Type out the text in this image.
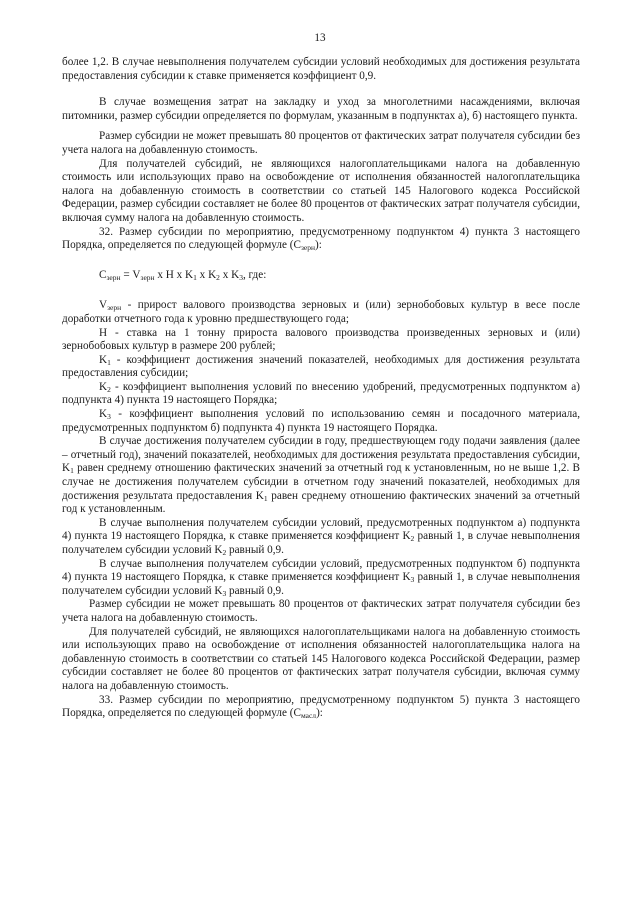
13

более 1,2. В случае невыполнения получателем субсидии условий необходимых для достижения результата предоставления субсидии к ставке применяется коэффициент 0,9.

В случае возмещения затрат на закладку и уход за многолетними насаждениями, включая питомники, размер субсидии определяется по формулам, указанным в подпунктах а), б) настоящего пункта.

Размер субсидии не может превышать 80 процентов от фактических затрат получателя субсидии без учета налога на добавленную стоимость.

Для получателей субсидий, не являющихся налогоплательщиками налога на добавленную стоимость или использующих право на освобождение от исполнения обязанностей налогоплательщика налога на добавленную стоимость в соответствии со статьей 145 Налогового кодекса Российской Федерации, размер субсидии составляет не более 80 процентов от фактических затрат получателя субсидии, включая сумму налога на добавленную стоимость.

32. Размер субсидии по мероприятию, предусмотренному подпунктом 4) пункта 3 настоящего Порядка, определяется по следующей формуле $(C_{зерн})$:

$C_{зерн} = V_{зерн}$ х Н х $K_1$ х $K_2$ х $K_3$, где:

$V_{зерн}$ - прирост валового производства зерновых и (или) зернобобовых культур в весе после доработки отчетного года к уровню предшествующего года;

Н - ставка на 1 тонну прироста валового производства произведенных зерновых и (или) зернобобовых культур в размере 200 рублей;

$K_1$ - коэффициент достижения значений показателей, необходимых для достижения результата предоставления субсидии;

$K_2$ - коэффициент выполнения условий по внесению удобрений, предусмотренных подпунктом а) подпункта 4) пункта 19 настоящего Порядка;

$K_3$ - коэффициент выполнения условий по использованию семян и посадочного материала, предусмотренных подпунктом б) подпункта 4) пункта 19 настоящего Порядка.

В случае достижения получателем субсидии в году, предшествующем году подачи заявления (далее – отчетный год), значений показателей, необходимых для достижения результата предоставления субсидии, $K_1$ равен среднему отношению фактических значений за отчетный год к установленным, но не выше 1,2. В случае не достижения получателем субсидии в отчетном году значений показателей, необходимых для достижения результата предоставления $K_1$ равен среднему отношению фактических значений за отчетный год к установленным.

В случае выполнения получателем субсидии условий, предусмотренных подпунктом а) подпункта 4) пункта 19 настоящего Порядка, к ставке применяется коэффициент $K_2$ равный 1, в случае невыполнения получателем субсидии условий $K_2$ равный 0,9.

В случае выполнения получателем субсидии условий, предусмотренных подпунктом б) подпункта 4) пункта 19 настоящего Порядка, к ставке применяется коэффициент $K_3$ равный 1, в случае невыполнения получателем субсидии условий $K_3$ равный 0,9.

Размер субсидии не может превышать 80 процентов от фактических затрат получателя субсидии без учета налога на добавленную стоимость.

Для получателей субсидий, не являющихся налогоплательщиками налога на добавленную стоимость или использующих право на освобождение от исполнения обязанностей налогоплательщика налога на добавленную стоимость в соответствии со статьей 145 Налогового кодекса Российской Федерации, размер субсидии составляет не более 80 процентов от фактических затрат получателя субсидии, включая сумму налога на добавленную стоимость.

33. Размер субсидии по мероприятию, предусмотренному подпунктом 5) пункта 3 настоящего Порядка, определяется по следующей формуле $(C_{масл})$:
